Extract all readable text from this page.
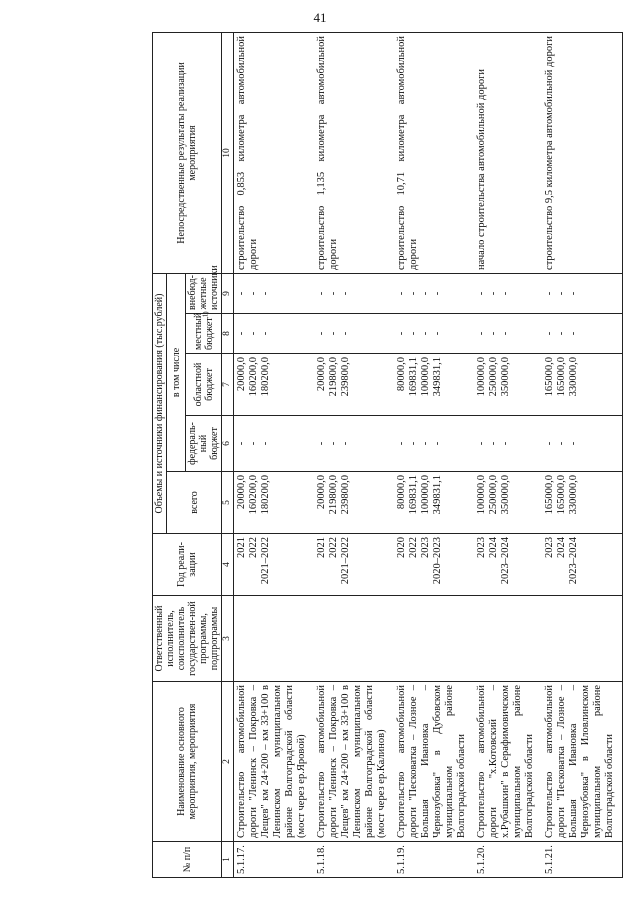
41
№ п/п	Наименование основного мероприятия, мероприятия	Ответственный исполнитель, соисполнитель государствен-ной программы, подпрограммы	Год реали-зации	Объемы и источники финансирования (тыс.рублей)					Непосредственные результаты реализации мероприятия
				всего	в том числе				
					федераль-ный бюджет	областной бюджет	местный бюджет$^{1)}$	внебюд-жетные источники	
1	2	3	4	5	6	7	8	9	10
5.1.17.	Строительство автомобильной дороги "Ленинск – Покровка – Лещев" км 24+200 – км 33+100 в Ленинском муниципальном районе Волгоградской области (мост через ер.Яровой)		2021 2022 2021–2022	20000,0 160200,0 180200,0	- - -	20000,0 160200,0 180200,0	- - -	- - -	строительство 0,853 километра автомобильной дороги
5.1.18.	Строительство автомобильной дороги "Ленинск – Покровка – Лещев" км 24+200 – км 33+100 в Ленинском муниципальном районе Волгоградской области (мост через ер.Калинов)		2021 2022 2021–2022	20000,0 219800,0 239800,0	- - -	20000,0 219800,0 239800,0	- - -	- - -	строительство 1,135 километра автомобильной дороги
5.1.19.	Строительство автомобильной дороги "Песковатка – Лозное – Большая Ивановка – Чернозубовка" в Дубовском муниципальном районе Волгоградской области		2020 2022 2023 2020–2023	80000,0 169831,1 100000,0 349831,1	- - - -	80000,0 169831,1 100000,0 349831,1	- - - -	- - - -	строительство 10,71 километра автомобильной дороги
5.1.20.	Строительство автомобильной дороги "х.Котовский – х.Рубашкин" в Серафимовичском муниципальном районе Волгоградской области		2023 2024 2023–2024	100000,0 250000,0 350000,0	- - -	100000,0 250000,0 350000,0	- - -	- - -	начало строительства автомобильной дороги
5.1.21.	Строительство автомобильной дороги "Песковатка – Лозное – Большая Ивановка – Чернозубовка" в Иловлинском муниципальном районе Волгоградской области		2023 2024 2023–2024	165000,0 165000,0 330000,0	- - -	165000,0 165000,0 330000,0	- - -	- - -	строительство 9,5 километра автомобильной дороги
